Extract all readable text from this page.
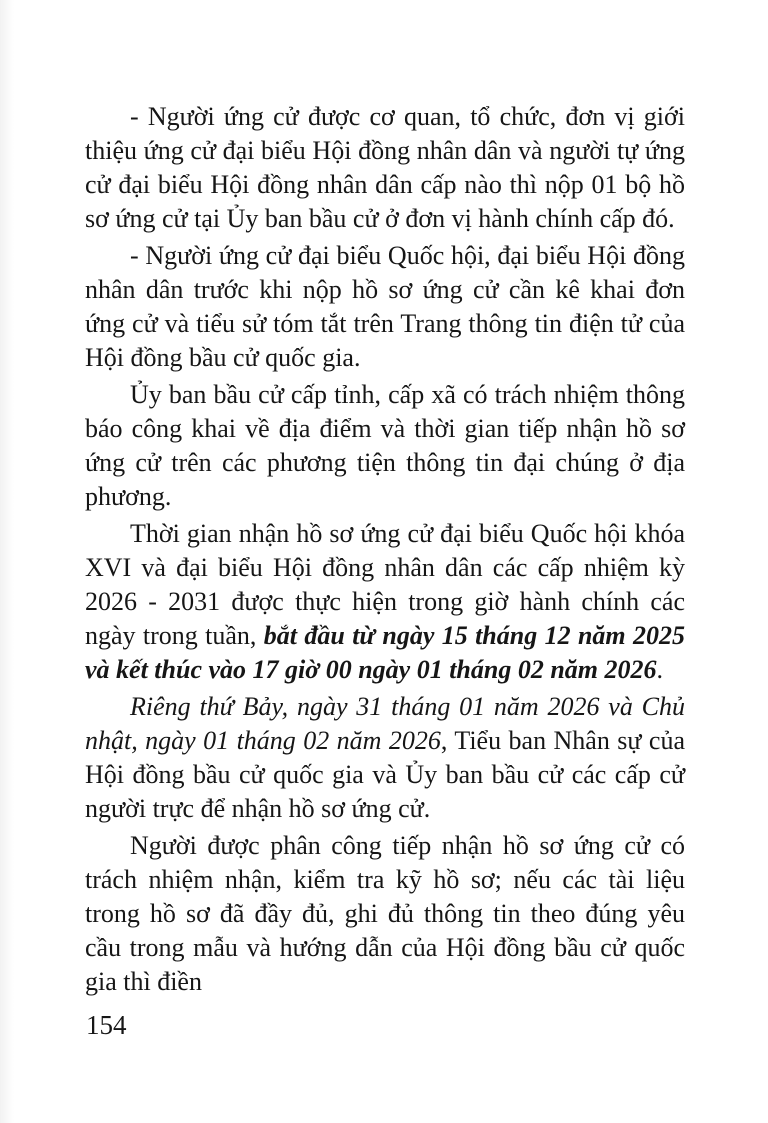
- Người ứng cử được cơ quan, tổ chức, đơn vị giới thiệu ứng cử đại biểu Hội đồng nhân dân và người tự ứng cử đại biểu Hội đồng nhân dân cấp nào thì nộp 01 bộ hồ sơ ứng cử tại Ủy ban bầu cử ở đơn vị hành chính cấp đó.

- Người ứng cử đại biểu Quốc hội, đại biểu Hội đồng nhân dân trước khi nộp hồ sơ ứng cử cần kê khai đơn ứng cử và tiểu sử tóm tắt trên Trang thông tin điện tử của Hội đồng bầu cử quốc gia.

Ủy ban bầu cử cấp tỉnh, cấp xã có trách nhiệm thông báo công khai về địa điểm và thời gian tiếp nhận hồ sơ ứng cử trên các phương tiện thông tin đại chúng ở địa phương.

Thời gian nhận hồ sơ ứng cử đại biểu Quốc hội khóa XVI và đại biểu Hội đồng nhân dân các cấp nhiệm kỳ 2026 - 2031 được thực hiện trong giờ hành chính các ngày trong tuần, bắt đầu từ ngày 15 tháng 12 năm 2025 và kết thúc vào 17 giờ 00 ngày 01 tháng 02 năm 2026.

Riêng thứ Bảy, ngày 31 tháng 01 năm 2026 và Chủ nhật, ngày 01 tháng 02 năm 2026, Tiểu ban Nhân sự của Hội đồng bầu cử quốc gia và Ủy ban bầu cử các cấp cử người trực để nhận hồ sơ ứng cử.

Người được phân công tiếp nhận hồ sơ ứng cử có trách nhiệm nhận, kiểm tra kỹ hồ sơ; nếu các tài liệu trong hồ sơ đã đầy đủ, ghi đủ thông tin theo đúng yêu cầu trong mẫu và hướng dẫn của Hội đồng bầu cử quốc gia thì điền

154
